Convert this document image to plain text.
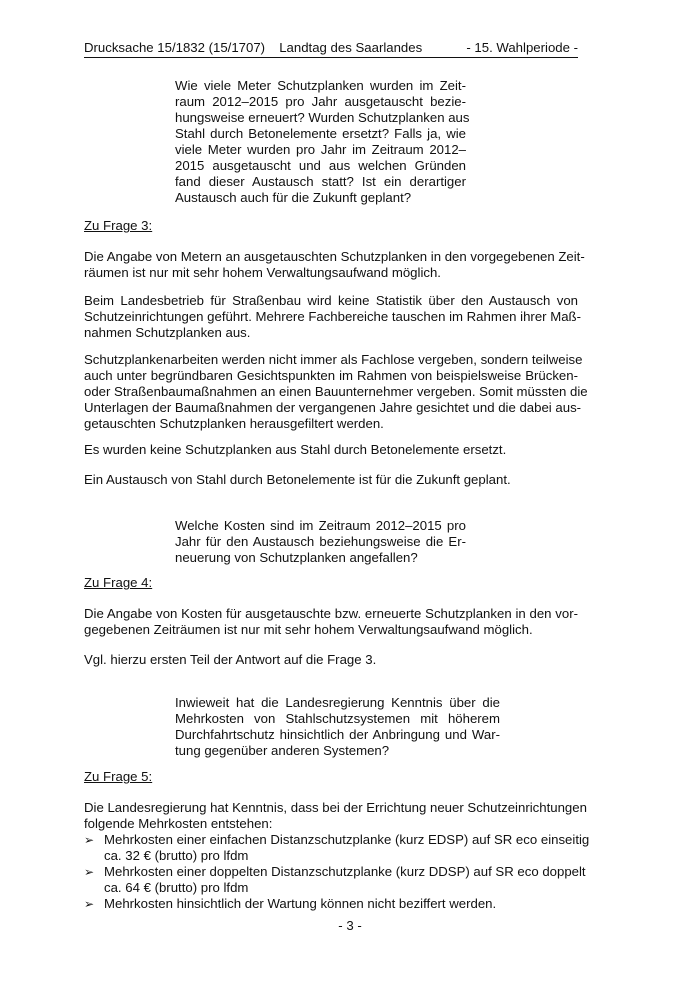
Drucksache 15/1832 (15/1707) Landtag des Saarlandes	- 15. Wahlperiode -
Wie viele Meter Schutzplanken wurden im Zeit-
raum 2012–2015 pro Jahr ausgetauscht bezie-
hungsweise erneuert? Wurden Schutzplanken aus
Stahl durch Betonelemente ersetzt? Falls ja, wie
viele Meter wurden pro Jahr im Zeitraum 2012–
2015 ausgetauscht und aus welchen Gründen
fand dieser Austausch statt? Ist ein derartiger
Austausch auch für die Zukunft geplant?
Zu Frage 3:
Die Angabe von Metern an ausgetauschten Schutzplanken in den vorgegebenen Zeit-
räumen ist nur mit sehr hohem Verwaltungsaufwand möglich.
Beim Landesbetrieb für Straßenbau wird keine Statistik über den Austausch von
Schutzeinrichtungen geführt. Mehrere Fachbereiche tauschen im Rahmen ihrer Maß-
nahmen Schutzplanken aus.
Schutzplankenarbeiten werden nicht immer als Fachlose vergeben, sondern teilweise
auch unter begründbaren Gesichtspunkten im Rahmen von beispielsweise Brücken-
oder Straßenbaumaßnahmen an einen Bauunternehmer vergeben. Somit müssten die
Unterlagen der Baumaßnahmen der vergangenen Jahre gesichtet und die dabei aus-
getauschten Schutzplanken herausgefiltert werden.
Es wurden keine Schutzplanken aus Stahl durch Betonelemente ersetzt.
Ein Austausch von Stahl durch Betonelemente ist für die Zukunft geplant.
Welche Kosten sind im Zeitraum 2012–2015 pro
Jahr für den Austausch beziehungsweise die Er-
neuerung von Schutzplanken angefallen?
Zu Frage 4:
Die Angabe von Kosten für ausgetauschte bzw. erneuerte Schutzplanken in den vor-
gegebenen Zeiträumen ist nur mit sehr hohem Verwaltungsaufwand möglich.
Vgl. hierzu ersten Teil der Antwort auf die Frage 3.
Inwieweit hat die Landesregierung Kenntnis über die
Mehrkosten von Stahlschutzsystemen mit höherem
Durchfahrtschutz hinsichtlich der Anbringung und War-
tung gegenüber anderen Systemen?
Zu Frage 5:
Die Landesregierung hat Kenntnis, dass bei der Errichtung neuer Schutzeinrichtungen
folgende Mehrkosten entstehen:
➢ Mehrkosten einer einfachen Distanzschutzplanke (kurz EDSP) auf SR eco einseitig
ca. 32 € (brutto) pro lfdm
➢ Mehrkosten einer doppelten Distanzschutzplanke (kurz DDSP) auf SR eco doppelt
ca. 64 € (brutto) pro lfdm
➢ Mehrkosten hinsichtlich der Wartung können nicht beziffert werden.
- 3 -
